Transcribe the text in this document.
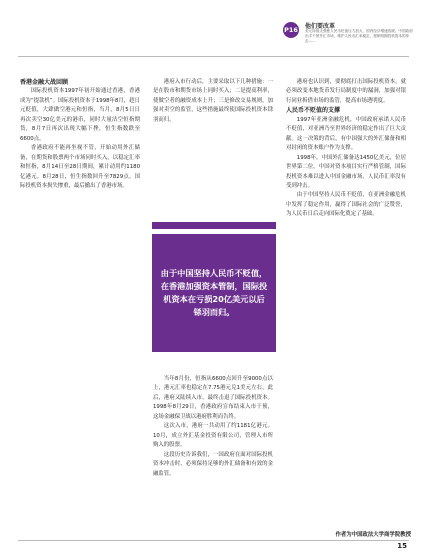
P16 他们要改革
美元持续走强使人民币贬值压力加大，国内经济增速放缓。中国政府出手干预外汇市场，维护人民币汇率稳定，遏制短期投机资本的冲击……

香港金融大战回顾

国际投机资本1997年初开始通过香港，香港成为“提款机”。国际投机资本于1998年8月，趁日元贬值，大肆做空港元和恒指，当月，8月5日日再次卖空30亿美元的港币，同时大量沽空恒指期货，8月7日再次出现大幅下挫，恒生指数跌至6600点。

香港政府不能再坐视不管，开始动用外汇储备，在期货和股票两个市场同时买入，以稳定汇率和恒指，8月14日至28日期间，累计动用约1180亿港元。8月28日，恒生指数回升至7829点。国际投机资本损失惨重，最后撤出了香港市场。

港府入市行动后，主要采取以下几种措施：一是在股市和期货市场上同时买入；二是提高利率，使做空者的融资成本上升；三是修改交易规则，加强对卖空的监管，这些措施最终使国际投机资本铩羽而归。

由于中国坚持人民币不贬值，在香港加强资本管制，国际投机资本在亏损20亿美元以后铩羽而归。

当年8月份，恒指从6600点回升至9000点以上，港元汇率也稳定在7.75港元兑1美元左右，此后，港府又陆续入市，最终击退了国际投机资本。1998年8月29日，香港政府宣布结束入市干预，这场金融保卫战以港府胜利而告终。

这次入市，港府一共动用了约1181亿港元。10月，成立外汇基金投资有限公司，管理入市所购入的股票。

这段历史告诉我们，一国政府在面对国际投机资本冲击时，必须保持足够的外汇储备和有效的金融监管。

港府也认识到，要彻底打击国际投机资本，就必须改变本地货币发行局制度中的漏洞，加强对银行同业拆借市场的监管，提高市场透明度。

人民币不贬值的支撑

1997年亚洲金融危机，中国政府承诺人民币不贬值，对亚洲乃至世界经济的稳定作出了巨大贡献。这一决策的背后，有中国强大的外汇储备和相对封闭的资本账户作为支撑。

1998年，中国外汇储备达1450亿美元，位居世界第二位。中国对资本项目实行严格管制，国际投机资本难以进入中国金融市场，人民币汇率没有受到冲击。

由于中国坚持人民币不贬值，在亚洲金融危机中发挥了稳定作用，赢得了国际社会的广泛赞誉，为人民币日后走向国际化奠定了基础。

作者为中国政法大学商学院教授
15
